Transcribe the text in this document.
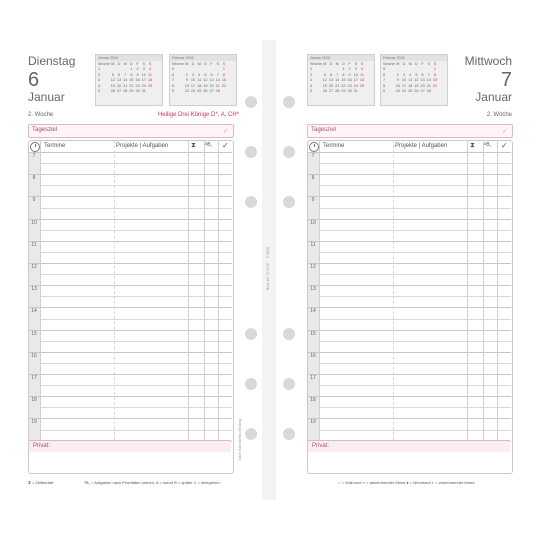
Dienstag
6
Januar
Januar 2026
Woche	M	D	M	D	F	S	S
1				1	2	3	4
2	5	6	7	8	9	10	11
3	12	13	14	15	16	17	18
4	19	20	21	22	23	24	25
5	26	27	28	29	30	31	
Februar 2026
Woche	M	D	M	D	F	S	S
5							1
6	2	3	4	5	6	7	8
7	9	10	11	12	13	14	15
8	16	17	18	19	20	21	22
9	23	24	25	26	27	28	
2. Woche	Heilige Drei Könige D*, A, CH*
Tagesziel	✓
Termine	Projekte | Aufgaben	⧗ ᴬB꜀ ✓
7
8
9
10
11
12
13
14
15
16
17
18
19
Privat:
⧗ = Zeitbedarf	ᴬB꜀ = Aufgaben nach Prioritäten ordnen: A = sofort B = später C = delegieren
Best.-Nr. 70 2110
© 2025
Nach Kalendertext Eintrag
Januar 2026
Woche	M	D	M	D	F	S	S
1				1	2	3	4
2	5	6	7	8	9	10	11
3	12	13	14	15	16	17	18
4	19	20	21	22	23	24	25
5	26	27	28	29	30	31	
Februar 2026
Woche	M	D	M	D	F	S	S
5							1
6	2	3	4	5	6	7	8
7	9	10	11	12	13	14	15
8	16	17	18	19	20	21	22
9	23	24	25	26	27	28	
Mittwoch
7
Januar
2. Woche
Tagesziel	✓
Termine	Projekte | Aufgaben	⧗ ᴬB꜀ ✓
7
8
9
10
11
12
13
14
15
16
17
18
19
Privat:
○ = Vollmond ◑ = abnehmender Mond ● = Neumond ◐ = zunehmender Mond
